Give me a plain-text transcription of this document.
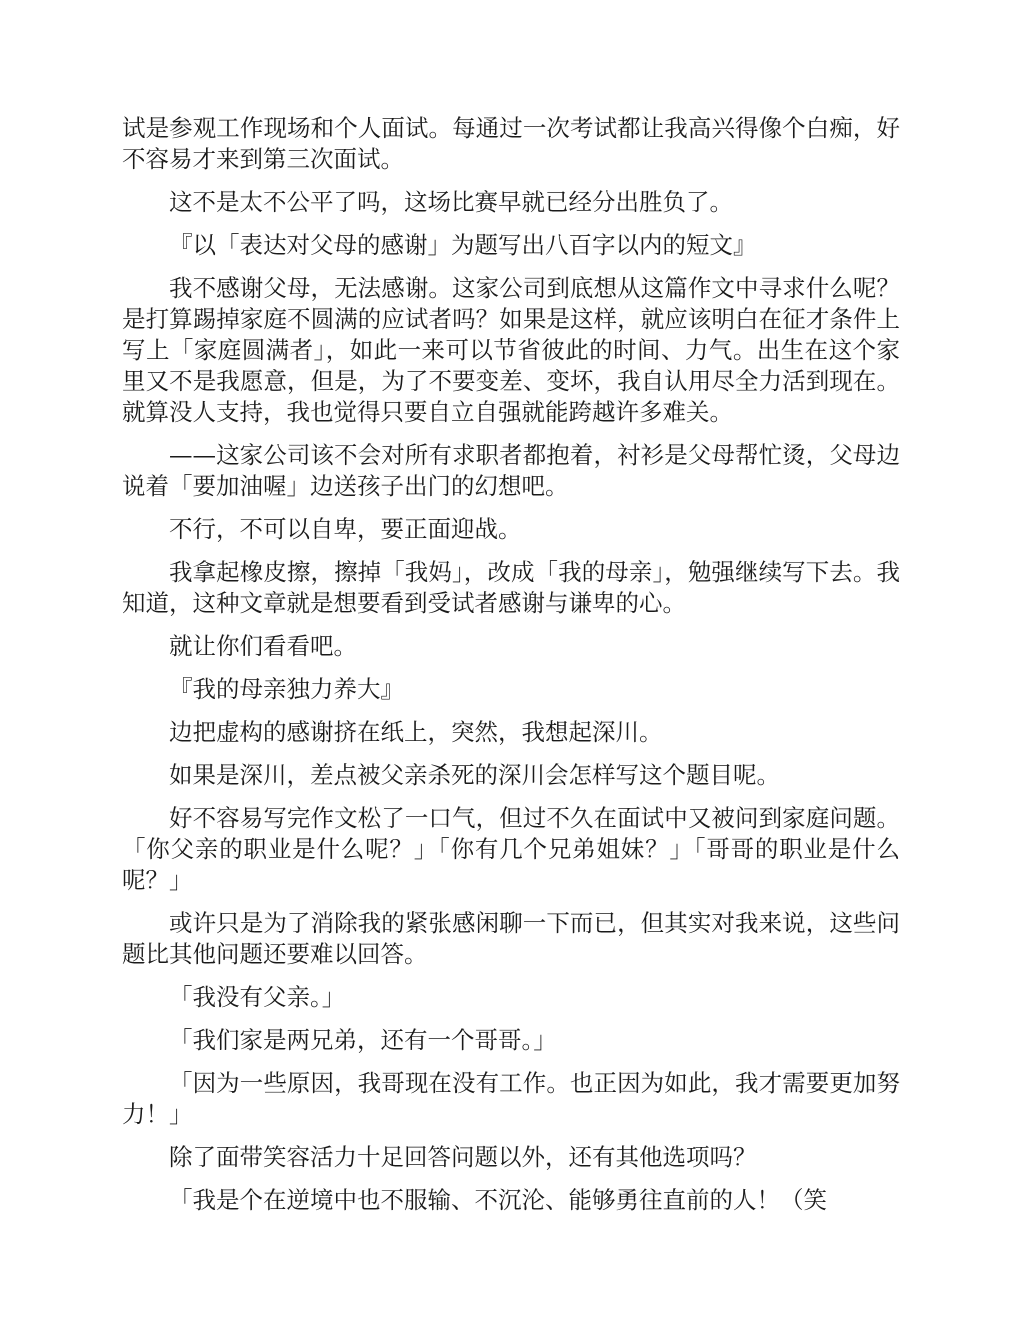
试是参观工作现场和个人面试。每通过一次考试都让我高兴得像个白痴，好不容易才来到第三次面试。

这不是太不公平了吗，这场比赛早就已经分出胜负了。

『以「表达对父母的感谢」为题写出八百字以内的短文』

我不感谢父母，无法感谢。这家公司到底想从这篇作文中寻求什么呢？是打算踢掉家庭不圆满的应试者吗？如果是这样，就应该明白在征才条件上写上「家庭圆满者」，如此一来可以节省彼此的时间、力气。出生在这个家里又不是我愿意，但是，为了不要变差、变坏，我自认用尽全力活到现在。就算没人支持，我也觉得只要自立自强就能跨越许多难关。

——这家公司该不会对所有求职者都抱着，衬衫是父母帮忙烫，父母边说着「要加油喔」边送孩子出门的幻想吧。

不行，不可以自卑，要正面迎战。

我拿起橡皮擦，擦掉「我妈」，改成「我的母亲」，勉强继续写下去。我知道，这种文章就是想要看到受试者感谢与谦卑的心。

就让你们看看吧。

『我的母亲独力养大』

边把虚构的感谢挤在纸上，突然，我想起深川。

如果是深川，差点被父亲杀死的深川会怎样写这个题目呢。

好不容易写完作文松了一口气，但过不久在面试中又被问到家庭问题。「你父亲的职业是什么呢？」「你有几个兄弟姐妹？」「哥哥的职业是什么呢？」

或许只是为了消除我的紧张感闲聊一下而已，但其实对我来说，这些问题比其他问题还要难以回答。

「我没有父亲。」

「我们家是两兄弟，还有一个哥哥。」

「因为一些原因，我哥现在没有工作。也正因为如此，我才需要更加努力！」

除了面带笑容活力十足回答问题以外，还有其他选项吗？

「我是个在逆境中也不服输、不沉沦、能够勇往直前的人！（笑
